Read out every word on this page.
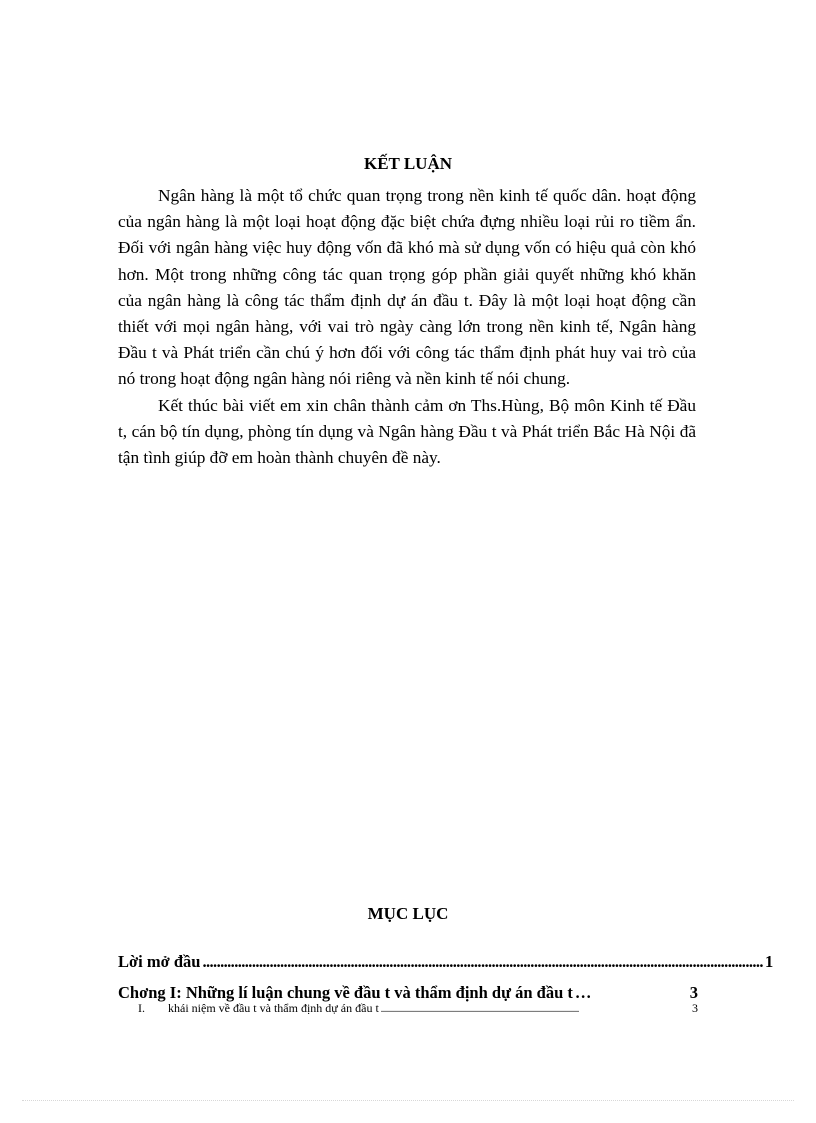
KẾT LUẬN

Ngân hàng là một tổ chức quan trọng trong nền kinh tế quốc dân. hoạt động của ngân hàng là một loại hoạt động đặc biệt chứa đựng nhiều loại rủi ro tiềm ẩn. Đối với ngân hàng việc huy động vốn đã khó mà sử dụng vốn có hiệu quả còn khó hơn. Một trong những công tác quan trọng góp phần giải quyết những khó khăn của ngân hàng là công tác thẩm định dự án đầu t. Đây là một loại hoạt động cần thiết với mọi ngân hàng, với vai trò ngày càng lớn trong nền kinh tế, Ngân hàng Đầu t và Phát triển cần chú ý hơn đối với công tác thẩm định phát huy vai trò của nó trong hoạt động ngân hàng nói riêng và nền kinh tế nói chung.

Kết thúc bài viết em xin chân thành cảm ơn Ths.Hùng, Bộ môn Kinh tế Đầu t, cán bộ tín dụng, phòng tín dụng và Ngân hàng Đầu t và Phát triển Bắc Hà Nội đã tận tình giúp đỡ em hoàn thành chuyên đề này.

MỤC LỤC
Lời mở đầu ............................................................................................................................................................... 1
Chơng I: Những lí luận chung về đầu t và thẩm định dự án đầu t …	3
I.	khái niệm về đầu t và thẩm định dự án đầu t ...................................................................................................	3
